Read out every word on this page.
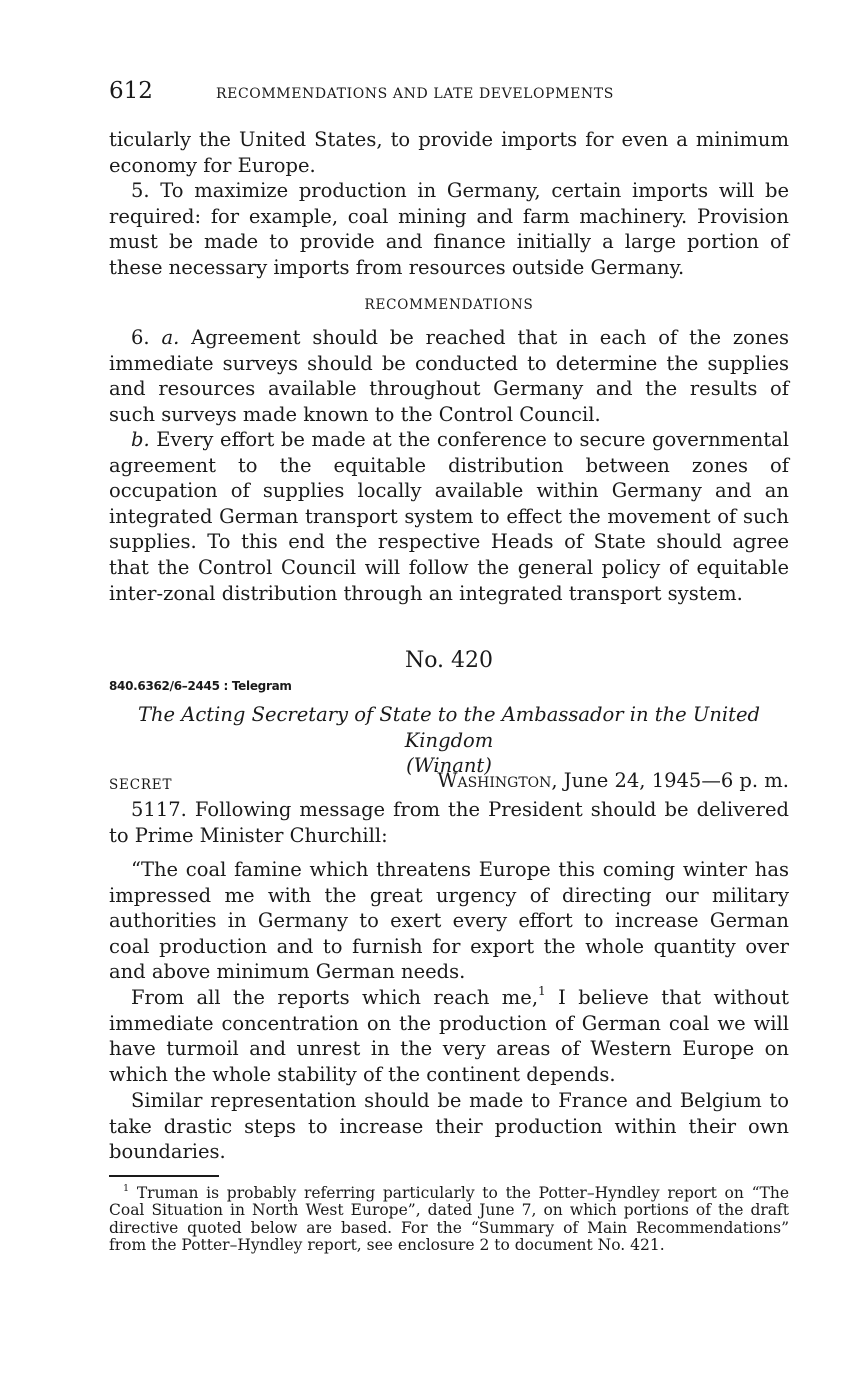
612	RECOMMENDATIONS AND LATE DEVELOPMENTS

ticularly the United States, to provide imports for even a minimum economy for Europe.

5. To maximize production in Germany, certain imports will be required: for example, coal mining and farm machinery. Provision must be made to provide and finance initially a large portion of these necessary imports from resources outside Germany.

RECOMMENDATIONS

6. a. Agreement should be reached that in each of the zones immediate surveys should be conducted to determine the supplies and resources available throughout Germany and the results of such surveys made known to the Control Council.

b. Every effort be made at the conference to secure governmental agreement to the equitable distribution between zones of occupation of supplies locally available within Germany and an integrated German transport system to effect the movement of such supplies. To this end the respective Heads of State should agree that the Control Council will follow the general policy of equitable inter-zonal distribution through an integrated transport system.

No. 420
840.6362/6–2445 : Telegram
The Acting Secretary of State to the Ambassador in the United Kingdom
(Winant)
SECRET	Washington, June 24, 1945—6 p. m.

5117. Following message from the President should be delivered to Prime Minister Churchill:

“The coal famine which threatens Europe this coming winter has impressed me with the great urgency of directing our military authorities in Germany to exert every effort to increase German coal production and to furnish for export the whole quantity over and above minimum German needs.

From all the reports which reach me,$^1$ I believe that without immediate concentration on the production of German coal we will have turmoil and unrest in the very areas of Western Europe on which the whole stability of the continent depends.

Similar representation should be made to France and Belgium to take drastic steps to increase their production within their own boundaries.

$^1$ Truman is probably referring particularly to the Potter–Hyndley report on “The Coal Situation in North West Europe”, dated June 7, on which portions of the draft directive quoted below are based. For the “Summary of Main Recommendations” from the Potter–Hyndley report, see enclosure 2 to document No. 421.
